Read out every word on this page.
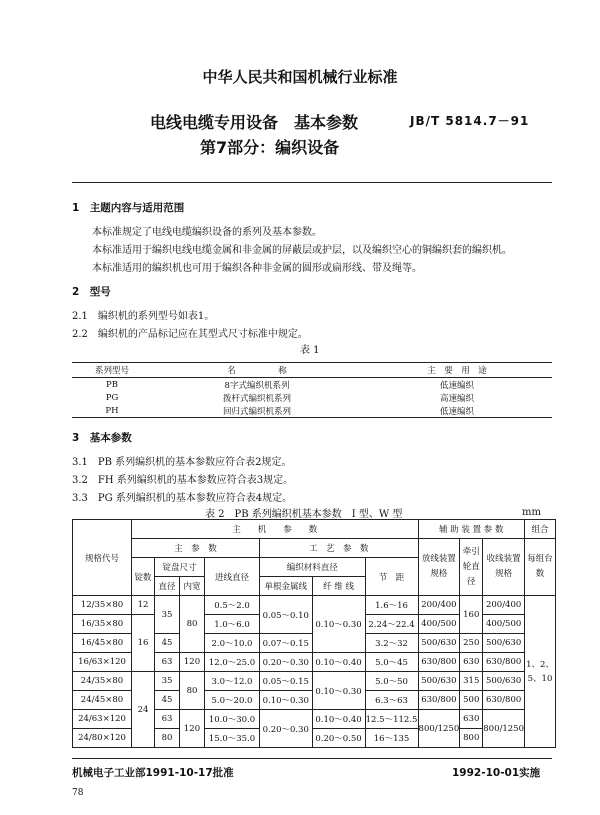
中华人民共和国机械行业标准
电线电缆专用设备　基本参数	JB/T 5814.7－91
第7部分：编织设备
1　主题内容与适用范围
本标准规定了电线电缆编织设备的系列及基本参数。
本标准适用于编织电线电缆金属和非金属的屏蔽层或护层，以及编织空心的铜编织套的编织机。
本标准适用的编织机也可用于编织各种非金属的圆形或扁形线、带及绳等。
2　型号
2.1　编织机的系列型号如表1。
2.2　编织机的产品标记应在其型式尺寸标准中规定。
表 1
系列型号	名　　　　　称	主　要　用　途
PB	8字式编织机系列	低速编织
PG	拨杆式编织机系列	高速编织
PH	回归式编织机系列	低速编织
3　基本参数
3.1　PB 系列编织机的基本参数应符合表2规定。
3.2　FH 系列编织机的基本参数应符合表3规定。
3.3　PG 系列编织机的基本参数应符合表4规定。
表 2　PB 系列编织机基本参数　I 型、W 型	mm
规格代号	主　　机　　参　　数							辅 助 装 置 参 数			组合
	主　参　数				工　艺　参　数			放线装置规格	牵引轮直径	收线装置规格	每组台数
	锭数	锭盘尺寸		进线直径	编织材料直径		节　距				
		直径	内宽		单根金属线	纤 维 线					
12/35×80	12	35	80	0.5～2.0	0.05～0.10	0.10～0.30	1.6～16	200/400	160	200/400	1、2、5、10
16/35×80	16			1.0～6.0			2.24～22.4	400/500		400/500	
16/45×80		45		2.0～10.0	0.07～0.15		3.2～32	500/630	250	500/630	
16/63×120		63	120	12.0～25.0	0.20～0.30	0.10～0.40	5.0～45	630/800	630	630/800	
24/35×80	24	35	80	3.0～12.0	0.05～0.15	0.10～0.30	5.0～50	500/630	315	500/630	
24/45×80		45		5.0～20.0	0.10～0.30		6.3～63	630/800	500	630/800	
24/63×120		63	120	10.0～30.0	0.20～0.30	0.10～0.40	12.5～112.5	800/1250	630	800/1250	
24/80×120		80		15.0～35.0		0.20～0.50	16～135		800		
机械电子工业部1991-10-17批准	1992-10-01实施
78
